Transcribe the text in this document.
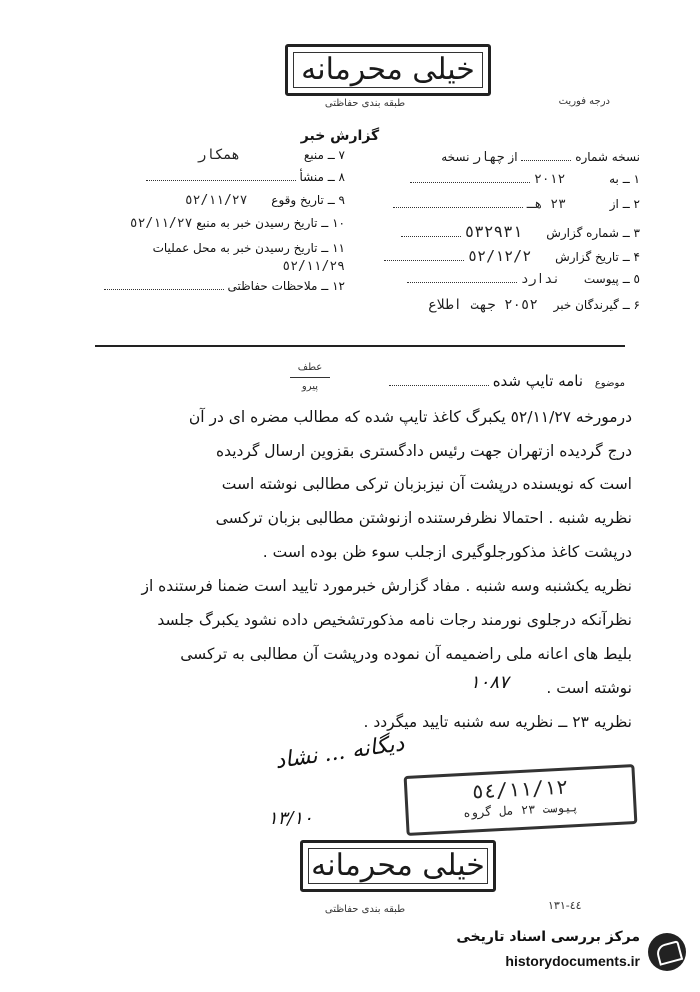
خیلی محرمانه
طبقه بندی حفاظتی	درجه فوریت
گزارش خبر
نسخه شماره  از چهار نسخه
١ ــ به ٢٠١٢
٢ ــ از ٢٣ هـ
٣ ــ شماره گزارش ٥٣٢٩٣١
۴ ــ تاریخ گزارش ٥٢/١٢/٢
٥ ــ پیوست ندارد
۶ ــ گیرندگان خبر ٢٠٥٢ جهت اطلاع
٧ ــ منبع همکار
٨ ــ منشأ
٩ ــ تاریخ وقوع ٥٢/١١/٢٧
١٠ ــ تاریخ رسیدن خبر به منبع ٥٢/١١/٢٧
١١ ــ تاریخ رسیدن خبر به محل عملیات ٥٢/١١/٢٩
١٢ ــ ملاحظات حفاظتی
موضوع نامه تایپ شده
عطف
پیرو
درمورخه ٥٢/١١/٢٧ یکبرگ کاغذ تایپ شده که مطالب مضره ای در آن
درج گردیده ازتهران جهت رئیس دادگستری بقزوین ارسال گردیده
است که نویسنده درپشت آن نیزبزبان ترکی مطالبی نوشته است
نظریه شنبه . احتمالا نظرفرستنده ازنوشتن مطالبی بزبان ترکسی
درپشت کاغذ مذکورجلوگیری ازجلب سوء ظن بوده است .
نظریه یکشنبه وسه شنبه . مفاد گزارش خبرمورد تایید است ضمنا فرستنده از
نظرآنکه درجلوی نورمند رجات نامه مذکورتشخیص داده نشود یکبرگ جلسد
بلیط های اعانه ملی راضمیمه آن نموده ودرپشت آن مطالبی به ترکسی
نوشته است .
نظریه ٢٣ ــ نظریه سه شنبه تایید میگردد .
١٠٨٧
دیگانه ... نشاد
١٣/١٠
٥٤/١١/١٢
پیوست ٢٣ مل گروه
خیلی محرمانه
طبقه بندی حفاظتی	٤٤-١٣١
مرکز بررسی اسناد تاریخی
historydocuments.ir
